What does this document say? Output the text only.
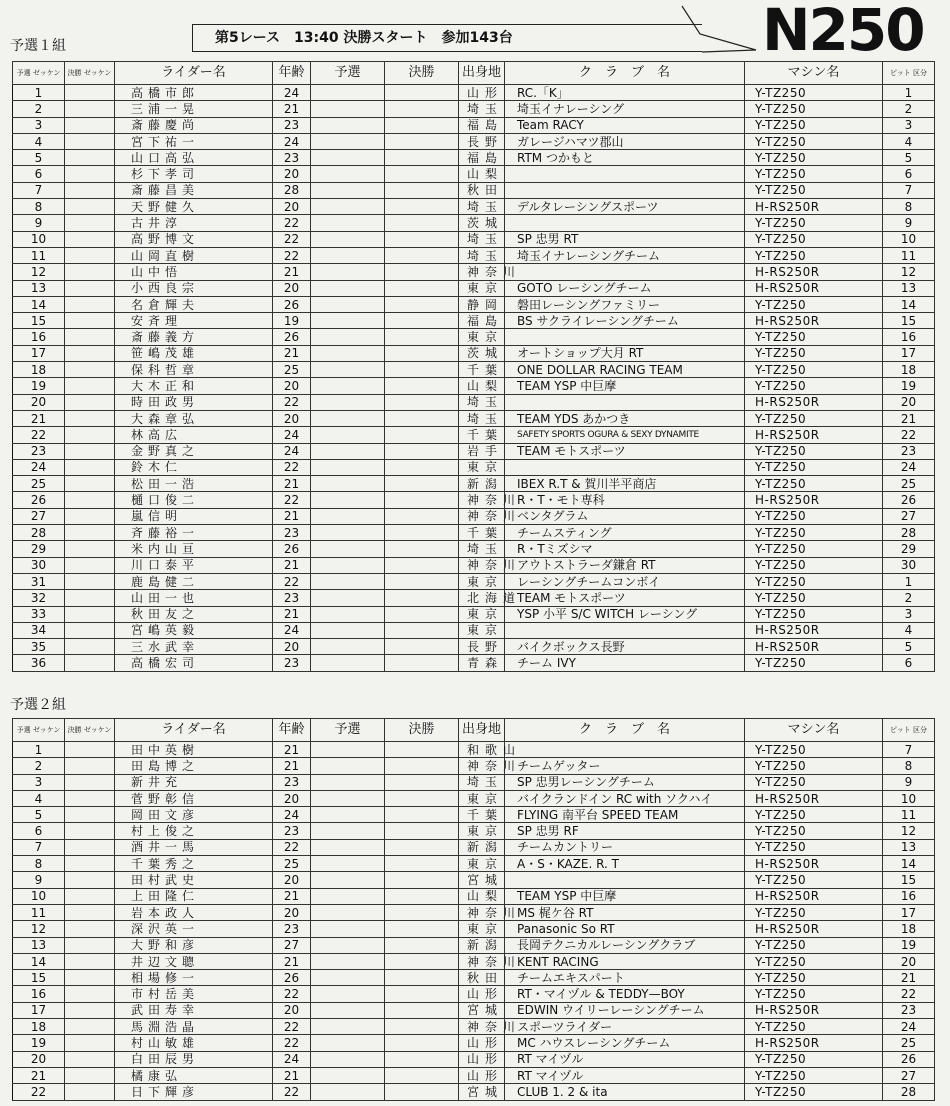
予選１組	第5レース　13:40 決勝スタート　参加143台	N250
予選 ゼッケン	決勝 ゼッケン	ライダー名	年齢	予選	決勝	出身地	ク　ラ　ブ　名	マシン名	ピット 区分
1		高橋市郎	24			山形	RC.「K」	Y-TZ250	1
2		三浦一晃	21			埼玉	埼玉イナレーシング	Y-TZ250	2
3		斎藤慶尚	23			福島	Team RACY	Y-TZ250	3
4		宮下祐一	24			長野	ガレージハマツ郡山	Y-TZ250	4
5		山口高弘	23			福島	RTM つかもと	Y-TZ250	5
6		杉下孝司	20			山梨		Y-TZ250	6
7		斎藤昌美	28			秋田		Y-TZ250	7
8		天野健久	20			埼玉	デルタレーシングスポーツ	H-RS250R	8
9		古井淳	22			茨城		Y-TZ250	9
10		高野博文	22			埼玉	SP 忠男 RT	Y-TZ250	10
11		山岡直樹	22			埼玉	埼玉イナレーシングチーム	Y-TZ250	11
12		山中悟	21			神奈川		H-RS250R	12
13		小西良宗	20			東京	GOTO レーシングチーム	H-RS250R	13
14		名倉輝夫	26			静岡	磐田レーシングファミリー	Y-TZ250	14
15		安斉理	19			福島	BS サクライレーシングチーム	H-RS250R	15
16		斎藤義方	26			東京		Y-TZ250	16
17		笹嶋茂雄	21			茨城	オートショップ大月 RT	Y-TZ250	17
18		保科哲章	25			千葉	ONE DOLLAR RACING TEAM	Y-TZ250	18
19		大木正和	20			山梨	TEAM YSP 中巨摩	Y-TZ250	19
20		時田政男	22			埼玉		H-RS250R	20
21		大森章弘	20			埼玉	TEAM YDS あかつき	Y-TZ250	21
22		林高広	24			千葉	SAFETY SPORTS OGURA & SEXY DYNAMITE	H-RS250R	22
23		金野真之	24			岩手	TEAM モトスポーツ	Y-TZ250	23
24		鈴木仁	22			東京		Y-TZ250	24
25		松田一浩	21			新潟	IBEX R.T & 賀川半平商店	Y-TZ250	25
26		樋口俊二	22			神奈川	R・T・モト専科	H-RS250R	26
27		嵐信明	21			神奈川	ベンタグラム	Y-TZ250	27
28		斉藤裕一	23			千葉	チームスティング	Y-TZ250	28
29		米内山亘	26			埼玉	R・Tミズシマ	Y-TZ250	29
30		川口泰平	21			神奈川	アウトストラーダ鎌倉 RT	Y-TZ250	30
31		鹿島健二	22			東京	レーシングチームコンボイ	Y-TZ250	1
32		山田一也	23			北海道	TEAM モトスポーツ	Y-TZ250	2
33		秋田友之	21			東京	YSP 小平 S/C WITCH レーシング	Y-TZ250	3
34		宮嶋英毅	24			東京		H-RS250R	4
35		三水武幸	20			長野	バイクボックス長野	H-RS250R	5
36		高橋宏司	23			青森	チーム IVY	Y-TZ250	6
予選２組
予選 ゼッケン	決勝 ゼッケン	ライダー名	年齢	予選	決勝	出身地	ク　ラ　ブ　名	マシン名	ピット 区分
1		田中英樹	21			和歌山		Y-TZ250	7
2		田島博之	21			神奈川	チームゲッター	Y-TZ250	8
3		新井充	23			埼玉	SP 忠男レーシングチーム	Y-TZ250	9
4		菅野彰信	20			東京	バイクランドイン RC with ソクハイ	H-RS250R	10
5		岡田文彦	24			千葉	FLYING 南平台 SPEED TEAM	Y-TZ250	11
6		村上俊之	23			東京	SP 忠男 RF	Y-TZ250	12
7		酒井一馬	22			新潟	チームカントリー	Y-TZ250	13
8		千葉秀之	25			東京	A・S・KAZE. R. T	H-RS250R	14
9		田村武史	20			宮城		Y-TZ250	15
10		上田隆仁	21			山梨	TEAM YSP 中巨摩	H-RS250R	16
11		岩本政人	20			神奈川	MS 梶ケ谷 RT	Y-TZ250	17
12		深沢英一	23			東京	Panasonic So RT	H-RS250R	18
13		大野和彦	27			新潟	長岡テクニカルレーシングクラブ	Y-TZ250	19
14		井辺文聰	21			神奈川	KENT RACING	Y-TZ250	20
15		相場修一	26			秋田	チームエキスパート	Y-TZ250	21
16		市村岳美	22			山形	RT・マイヅル & TEDDY—BOY	Y-TZ250	22
17		武田寿幸	20			宮城	EDWIN ウイリーレーシングチーム	H-RS250R	23
18		馬淵浩晶	22			神奈川	スポーツライダー	Y-TZ250	24
19		村山敏雄	22			山形	MC ハウスレーシングチーム	H-RS250R	25
20		白田辰男	24			山形	RT マイヅル	Y-TZ250	26
21		橘康弘	21			山形	RT マイヅル	Y-TZ250	27
22		日下輝彦	22			宮城	CLUB 1. 2 & ita	Y-TZ250	28
